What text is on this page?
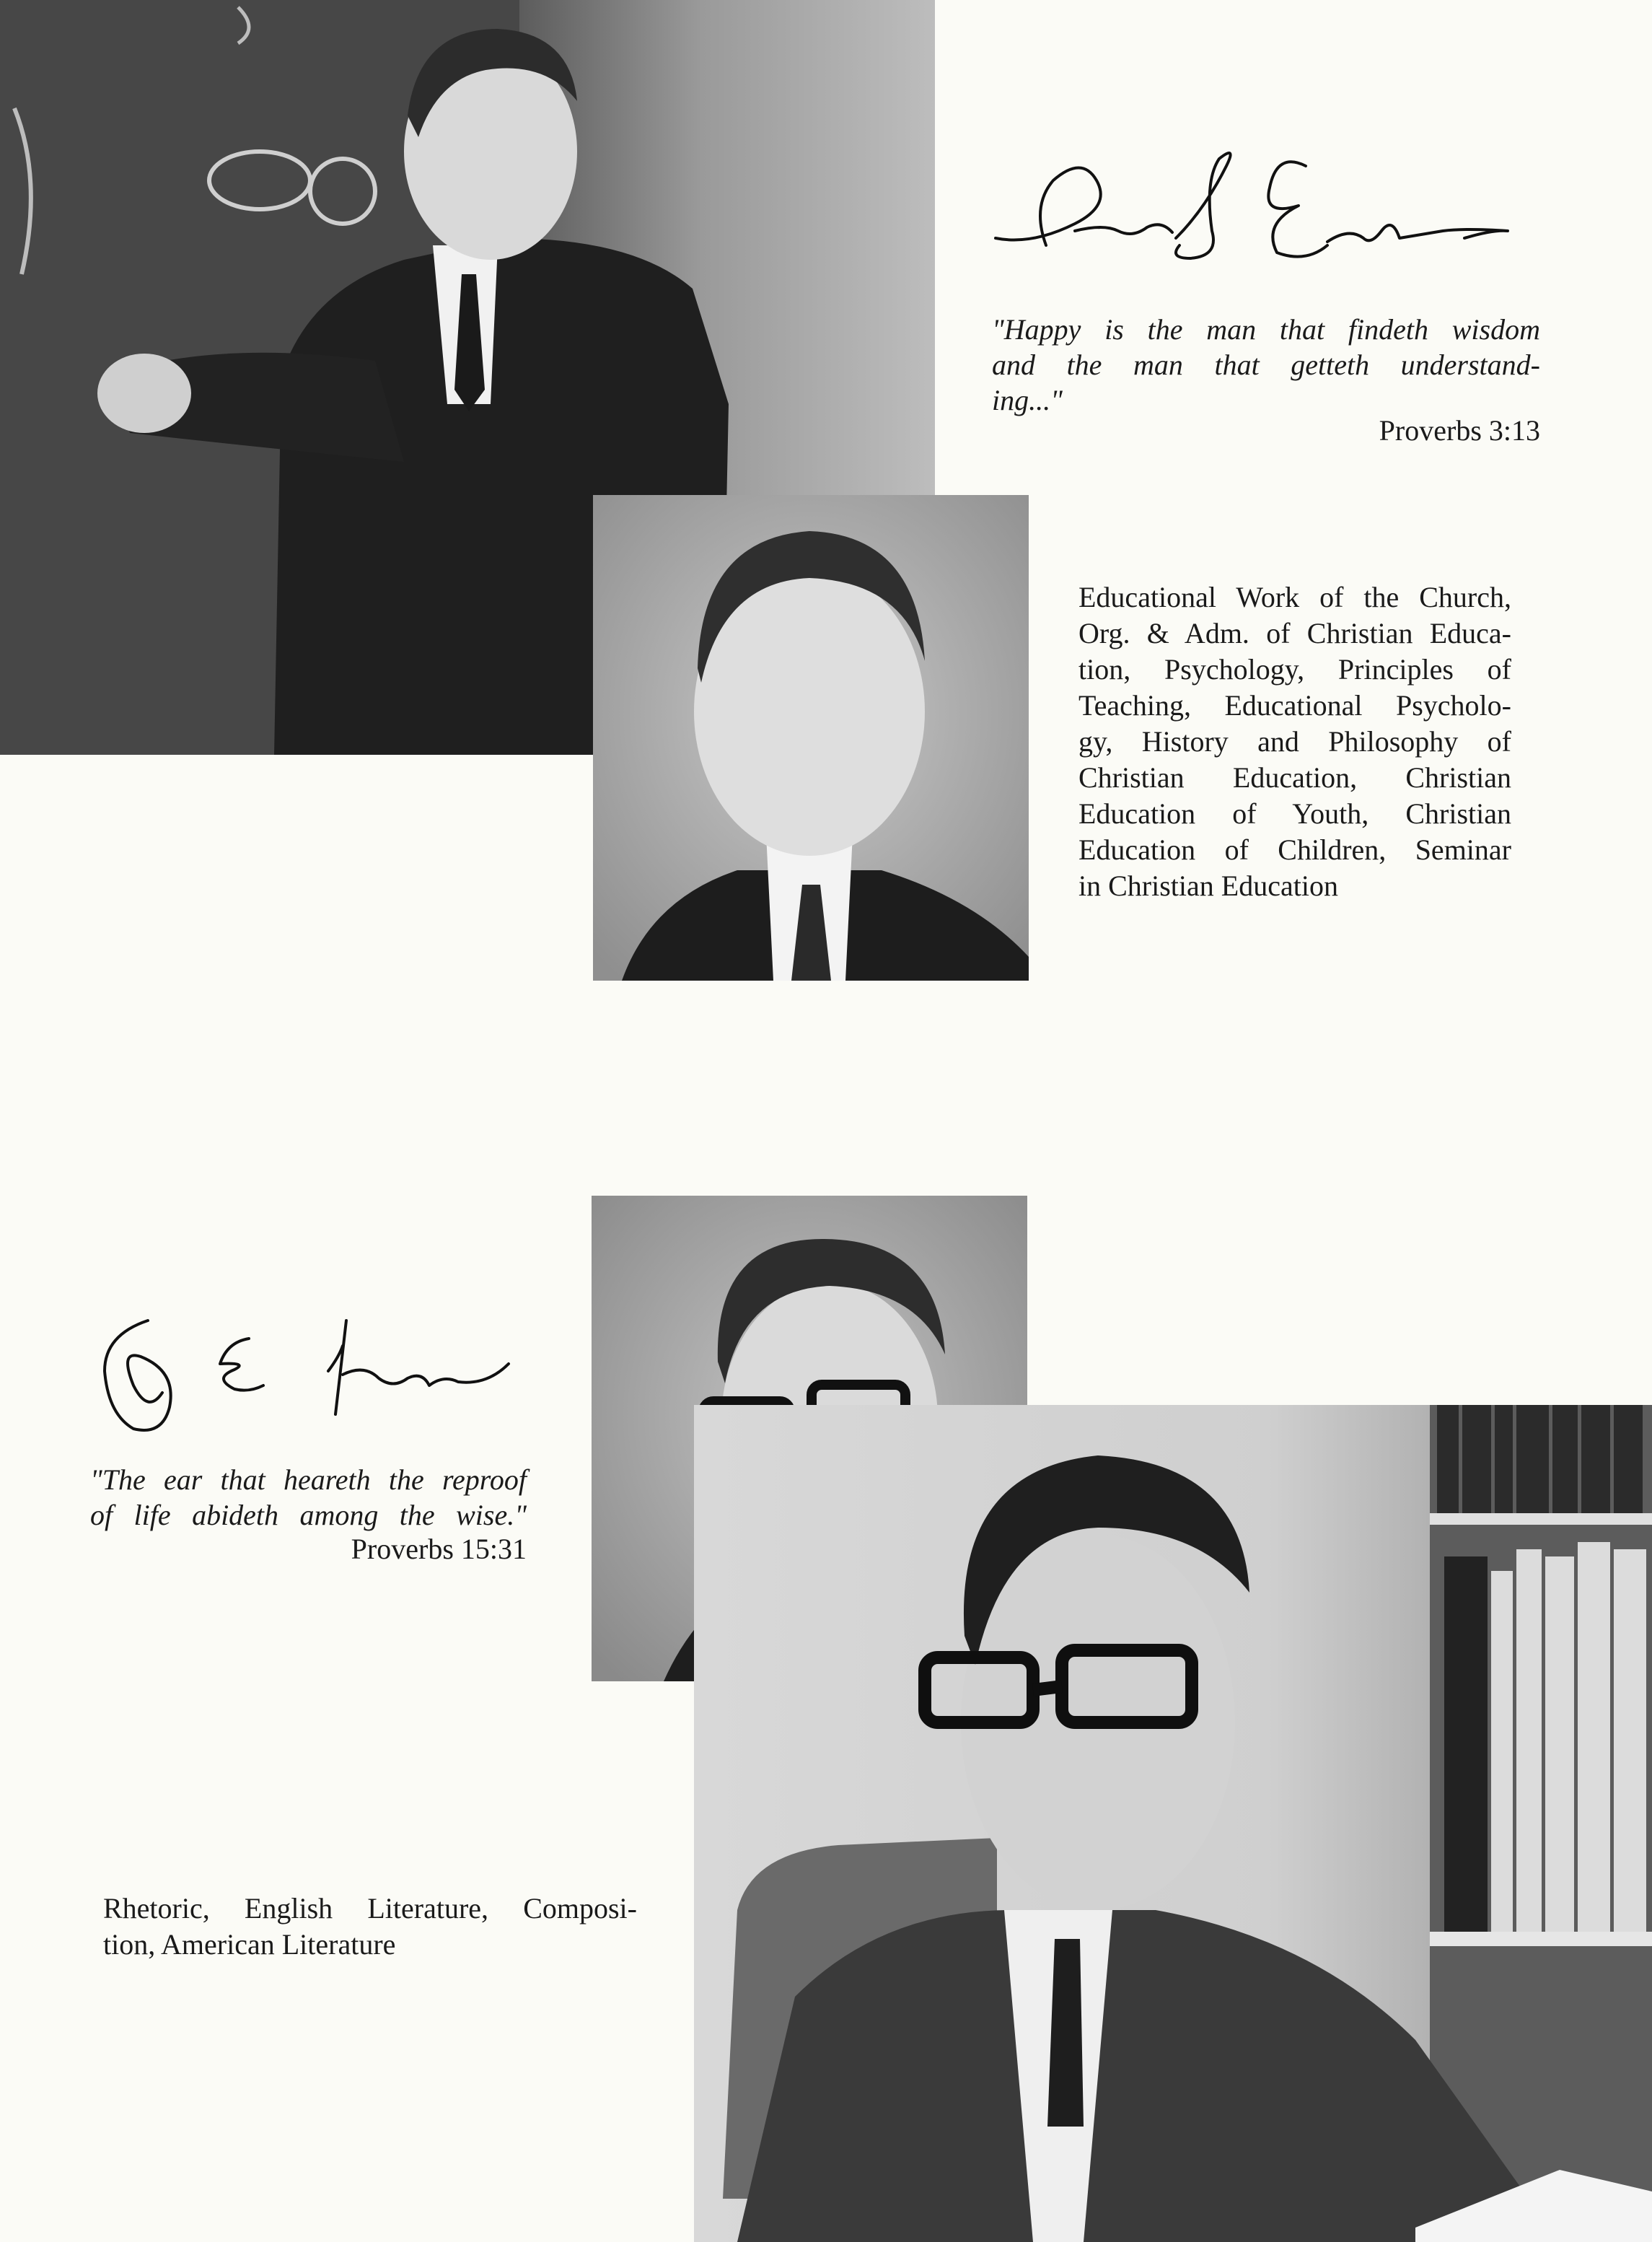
"Happy is the man that findeth wisdom
and the man that getteth understand-
ing..."
Proverbs 3:13
Educational Work of the Church,
Org. & Adm. of Christian Educa-
tion, Psychology, Principles of
Teaching, Educational Psycholo-
gy, History and Philosophy of
Christian Education, Christian
Education of Youth, Christian
Education of Children, Seminar
in Christian Education
"The ear that heareth the reproof
of life abideth among the wise."
Proverbs 15:31
Rhetoric, English Literature, Composi-
tion, American Literature
